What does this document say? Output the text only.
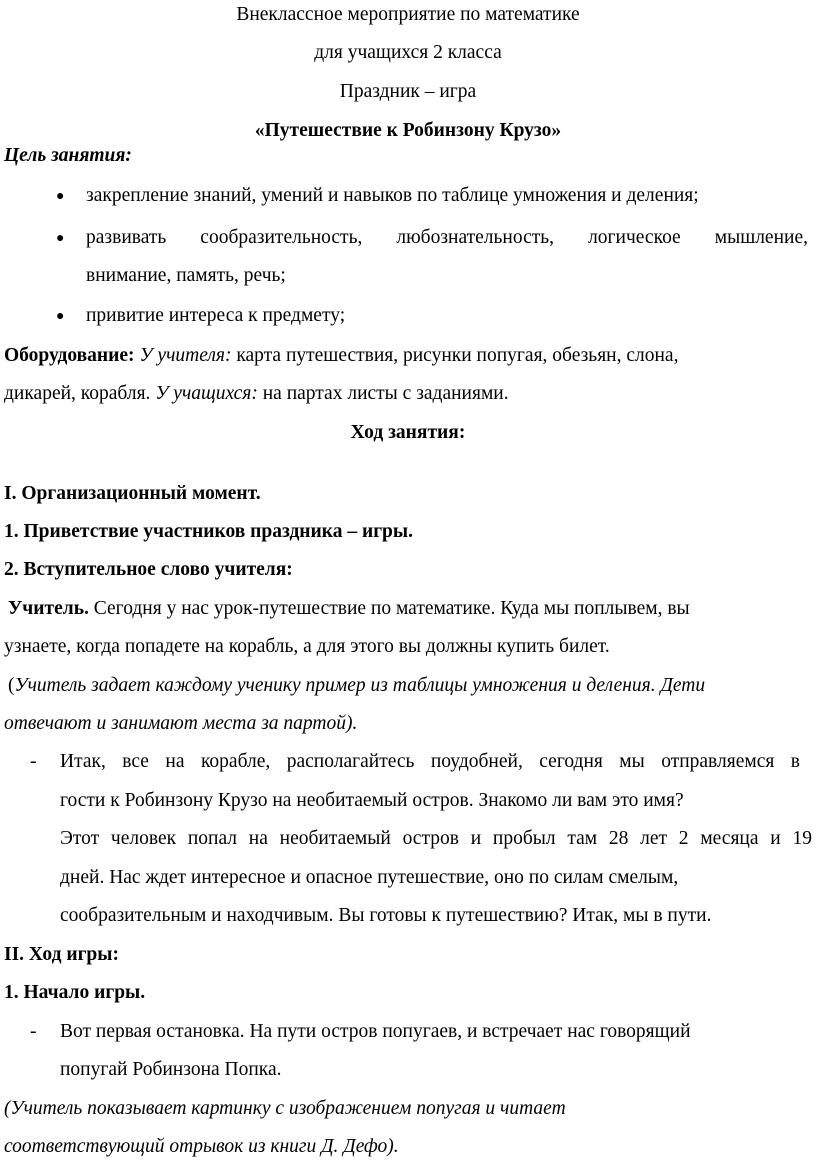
Внеклассное мероприятие по математике
для учащихся 2 класса
Праздник – игра
«Путешествие к Робинзону Крузо»
Цель занятия:
● закрепление знаний, умений и навыков по таблице умножения и деления;
● развивать сообразительность, любознательность, логическое мышление,
внимание, память, речь;
● привитие интереса к предмету;
Оборудование: У учителя: карта путешествия, рисунки попугая, обезьян, слона,
дикарей, корабля. У учащихся: на партах листы с заданиями.
Ход занятия:
I. Организационный момент.
1. Приветствие участников праздника – игры.
2. Вступительное слово учителя:
Учитель. Сегодня у нас урок-путешествие по математике. Куда мы поплывем, вы
узнаете, когда попадете на корабль, а для этого вы должны купить билет.
(Учитель задает каждому ученику пример из таблицы умножения и деления. Дети
отвечают и занимают места за партой).
- Итак, все на корабле, располагайтесь поудобней, сегодня мы отправляемся в
гости к Робинзону Крузо на необитаемый остров. Знакомо ли вам это имя?
Этот человек попал на необитаемый остров и пробыл там 28 лет 2 месяца и 19
дней. Нас ждет интересное и опасное путешествие, оно по силам смелым,
сообразительным и находчивым. Вы готовы к путешествию? Итак, мы в пути.
II. Ход игры:
1. Начало игры.
- Вот первая остановка. На пути остров попугаев, и встречает нас говорящий
попугай Робинзона Попка.
(Учитель показывает картинку с изображением попугая и читает
соответствующий отрывок из книги Д. Дефо).
